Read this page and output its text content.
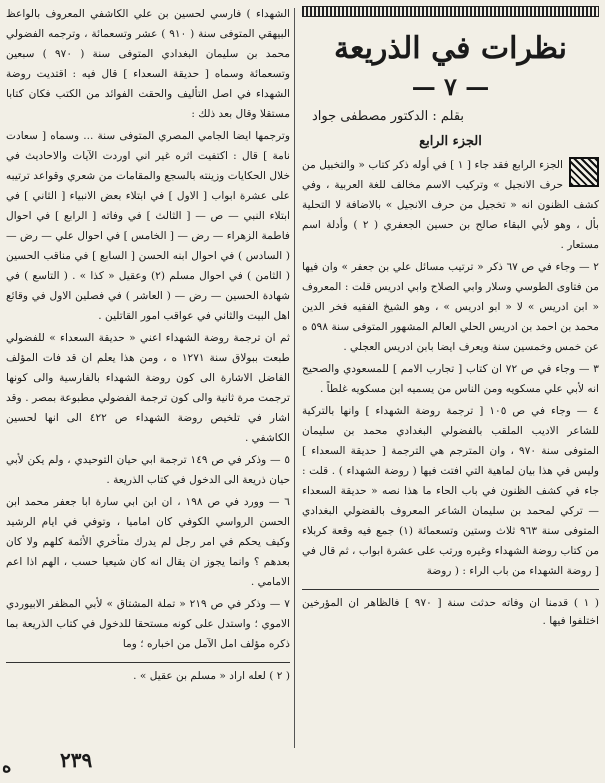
نظرات في الذريعة
— ٧ —
بقلم : الدكتور مصطفى جواد
الجزء الرابع

الجزء الرابع فقد جاء [ ١ ] في أوله ذكر كتاب « والتخبيل من حرف الانجيل » وتركيب الاسم مخالف للغة العربية ، وفي كشف الظنون انه « تخجيل من حرف الانجيل » بالاضافة لا التحلية بأل ، وهو لأبي البقاء صالح بن حسين الجعفري ( ٢ ) وأدلة اسم مستعار .

٢ — وجاء في ص ٦٧ ذكر « ترتيب مسائل علي بن جعفر » وان فيها من فتاوى الطوسي وسلار وابي الصلاح وابي ادريس قلت : المعروف « ابن ادريس » لا « ابو ادريس » ، وهو الشيخ الفقيه فخر الدين محمد بن احمد بن ادريس الحلي العالم المشهور المتوفى سنة ٥٩٨ ه عن خمس وخمسين سنة ويعرف ايضا بابن ادريس العجلي .

٣ — وجاء في ص ٧٢ ان كتاب [ تجارب الامم ] للمسعودي والصحيح انه لأبي علي مسكويه ومن الناس من يسميه ابن مسكويه غلطاً .

٤ — وجاء في ص ١٠٥ [ ترجمة روضة الشهداء ] وانها بالتركية للشاعر الاديب الملقب بالفضولي البغدادي محمد بن سليمان المتوفى سنة ٩٧٠ ، وان المترجم هي الترجمة [ حديقة السعداء ] وليس في هذا بيان لماهية التي افتت فيها ( روضة الشهداء ) . قلت : جاء في كشف الظنون في باب الحاء ما هذا نصه « حديقة السعداء — تركي لمحمد بن سليمان الشاعر المعروف بالفضولي البغدادي المتوفى سنة ٩٦٣ ثلاث وستين وتسعمائة (١) جمع فيه وقعة كربلاء من كتاب روضة الشهداء وغيره ورتب على عشرة ابواب ، ثم قال في [ روضة الشهداء من باب الراء : ( روضة

( ١ ) قدمنا ان وفاته حدثت سنة [ ٩٧٠ ] فالظاهر ان المؤرخين اختلفوا فيها .

الشهداء ) فارسي لحسين بن علي الكاشفي المعروف بالواعظ البيهقي المتوفى سنة ( ٩١٠ ) عشر وتسعمائة ، وترجمه الفضولي محمد بن سليمان البغدادي المتوفى سنة ( ٩٧٠ ) سبعين وتسعمائة وسماه [ حديقة السعداء ] قال فيه : اقتديت روضة الشهداء في اصل التأليف والحقت الفوائد من الكتب فكان كتابا مستقلا وقال بعد ذلك :

وترجمها ايضا الجامي المصري المتوفى سنة ... وسماه [ سعادت نامة ] قال : اكتفيت اثره غير اني اوردت الآيات والاحاديث في خلال الحكايات وزينته بالسجع والمقامات من شعري وقواعد ترتيبه على عشرة ابواب [ الاول ] في ابتلاء بعض الانبياء [ الثاني ] في ابتلاء النبي — ص — [ الثالث ] في وفاته [ الرابع ] في احوال فاطمة الزهراء — رض — [ الخامس ] في احوال علي — رض — ( السادس ) في احوال ابنه الحسن [ السابع ] في مناقب الحسين ( الثامن ) في احوال مسلم (٢) وعقيل « كذا » . ( التاسع ) في شهادة الحسين — رض — ( العاشر ) في فصلين الاول في وقائع اهل البيت والثاني في عواقب امور القاتلين .

ثم ان ترجمة روضة الشهداء اعني « حديقة السعداء » للفضولي طبعت ببولاق سنة ١٢٧١ ه ، ومن هذا يعلم ان قد فات المؤلف الفاضل الاشارة الى كون روضة الشهداء بالفارسية والى كونها ترجمت مرة ثانية والى كون ترجمة الفضولي مطبوعة بمصر . وقد اشار في تلخيص روضة الشهداء ص ٤٢٢ الى انها لحسين الكاشفي .

٥ — وذكر في ص ١٤٩ ترجمة ابي حيان التوحيدي ، ولم يكن لأبي حيان ذريعة الى الدخول في كتاب الذريعة .

٦ — وورد في ص ١٩٨ ، ان ابن ابي سارة ابا جعفر محمد ابن الحسن الرواسي الكوفي كان اماميا ، وتوفي في ايام الرشيد وكيف يحكم في امر رجل لم يدرك متأخري الأئمة كلهم ولا كان بعدهم ؟ وانما يجوز ان يقال انه كان شيعيا حسب ، الهم اذا اعم الامامي .

٧ — وذكر في ص ٢١٩ « تملة المشتاق » لأبي المظفر الابيوردي الاموي ؛ واستدل على كونه مستحقا للدخول في كتاب الذريعة بما ذكره مؤلف امل الآمل من اخباره ؛ وما

( ٢ ) لعله اراد « مسلم بن عقيل » .

٢٣٩
ه
